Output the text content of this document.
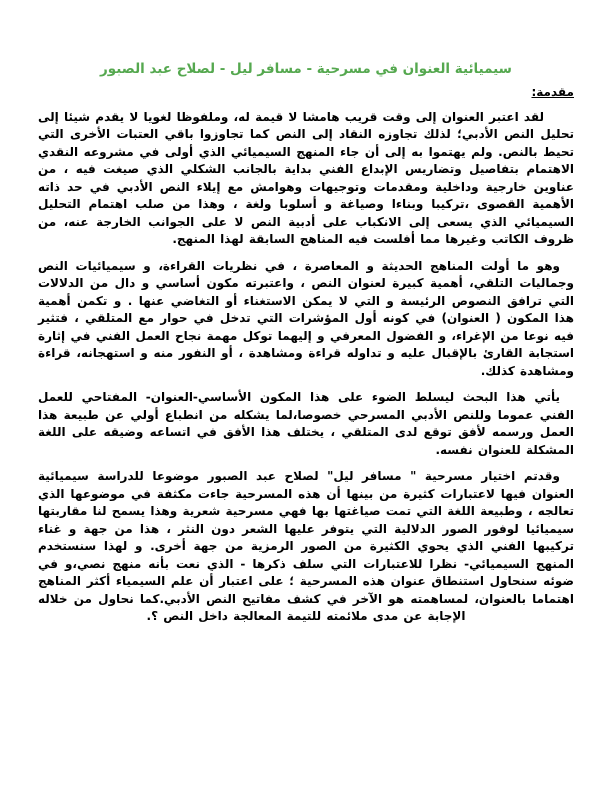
سيميائية العنوان في مسرحية - مسافر ليل - لصلاح عبد الصبور
مقدمة:

لقد اعتبر العنوان إلى وقت قريب هامشا لا قيمة له، وملفوظا لغويا لا يقدم شيئا إلى تحليل النص الأدبي؛ لذلك تجاوزه النقاد إلى النص كما تجاوزوا باقي العتبات الأخرى التي تحيط بالنص. ولم يهتموا به إلى أن جاء المنهج السيميائي الذي أولى في مشروعه النقدي الاهتمام بتفاصيل وتضاريس الإبداع الفني بداية بالجانب الشكلي الذي صيغت فيه ، من عناوين خارجية وداخلية ومقدمات وتوجيهات وهوامش مع إيلاء النص الأدبي في حد ذاته الأهمية القصوى ،تركيبا وبناءا وصياغة و أسلوبا ولغة ، وهذا من صلب اهتمام التحليل السيميائي الذي يسعى إلى الانكباب على أدبية النص لا على الجوانب الخارجة عنه، من ظروف الكاتب وغيرها مما أفلست فيه المناهج السابقة لهذا المنهج.

وهو ما أولت المناهج الحديثة و المعاصرة ، في نظريات القراءة، و سيميائيات النص وجماليات التلقي، أهمية كبيرة لعنوان النص ، واعتبرته مكون أساسي و دال من الدلالات التي ترافق النصوص الرئيسة و التي لا يمكن الاستغناء أو التغاضي عنها . و تكمن أهمية هذا المكون ( العنوان) في كونه أول المؤشرات التي تدخل في حوار مع المتلقي ، فتثير فيه نوعا من الإغراء، و الفضول المعرفي و إليهما توكل مهمة نجاح العمل الفني في إثارة استجابة القارئ بالإقبال عليه و تداوله قراءة ومشاهدة ، أو النفور منه و استهجانه، قراءة ومشاهدة كذلك.

يأتي هذا البحث ليسلط الضوء على هذا المكون الأساسي-العنوان- المفتاحي للعمل الفني عموما وللنص الأدبي المسرحي خصوصا،لما يشكله من انطباع أولي عن طبيعة هذا العمل ورسمه لأفق توقع لدى المتلقي ، يختلف هذا الأفق في اتساعه وضيقه على اللغة المشكلة للعنوان نفسه.

وقدتم اختيار مسرحية " مسافر ليل" لصلاح عبد الصبور موضوعا للدراسة سيميائية العنوان فيها لاعتبارات كثيرة من بينها أن هذه المسرحية جاءت مكثفة في موضوعها الذي تعالجه ، وطبيعة اللغة التي تمت صياغتها بها فهي مسرحية شعرية وهذا يسمح لنا مقاربتها سيميائيا لوفور الصور الدلالية التي يتوفر عليها الشعر دون النثر ، هذا من جهة و غناء تركيبها الفني الذي يحوي الكثيرة من الصور الرمزية من جهة أخرى. و لهذا سنستخدم المنهج السيميائي- نظرا للاعتبارات التي سلف ذكرها - الذي نعت بأنه منهج نصي،و في ضوئه سنحاول استنطاق عنوان هذه المسرحية ؛ على اعتبار أن علم السيمياء أكثر المناهج اهتماما بالعنوان، لمساهمته هو الآخر في كشف مفاتيح النص الأدبي.كما نحاول من خلاله الإجابة عن مدى ملائمته للتيمة المعالجة داخل النص ؟.
